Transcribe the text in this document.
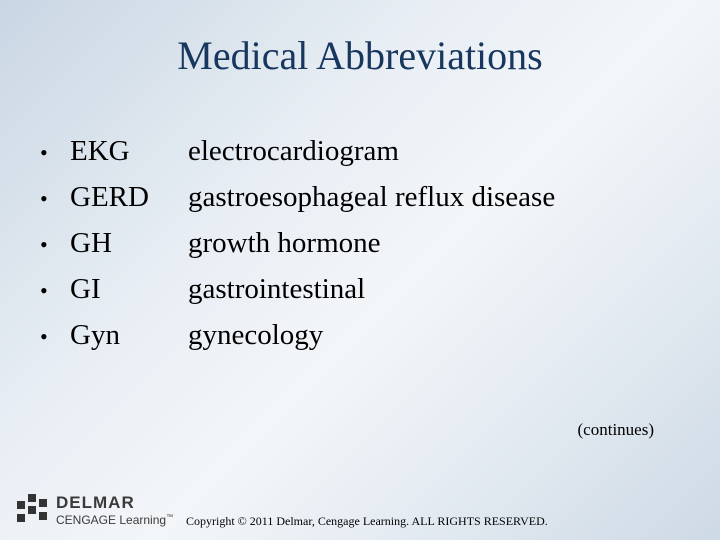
Medical Abbreviations
• EKG	electrocardiogram
• GERD	gastroesophageal reflux disease
• GH	growth hormone
• GI	gastrointestinal
• Gyn	gynecology
(continues)
DELMAR
CENGAGE Learning™ Copyright © 2011 Delmar, Cengage Learning. ALL RIGHTS RESERVED.
